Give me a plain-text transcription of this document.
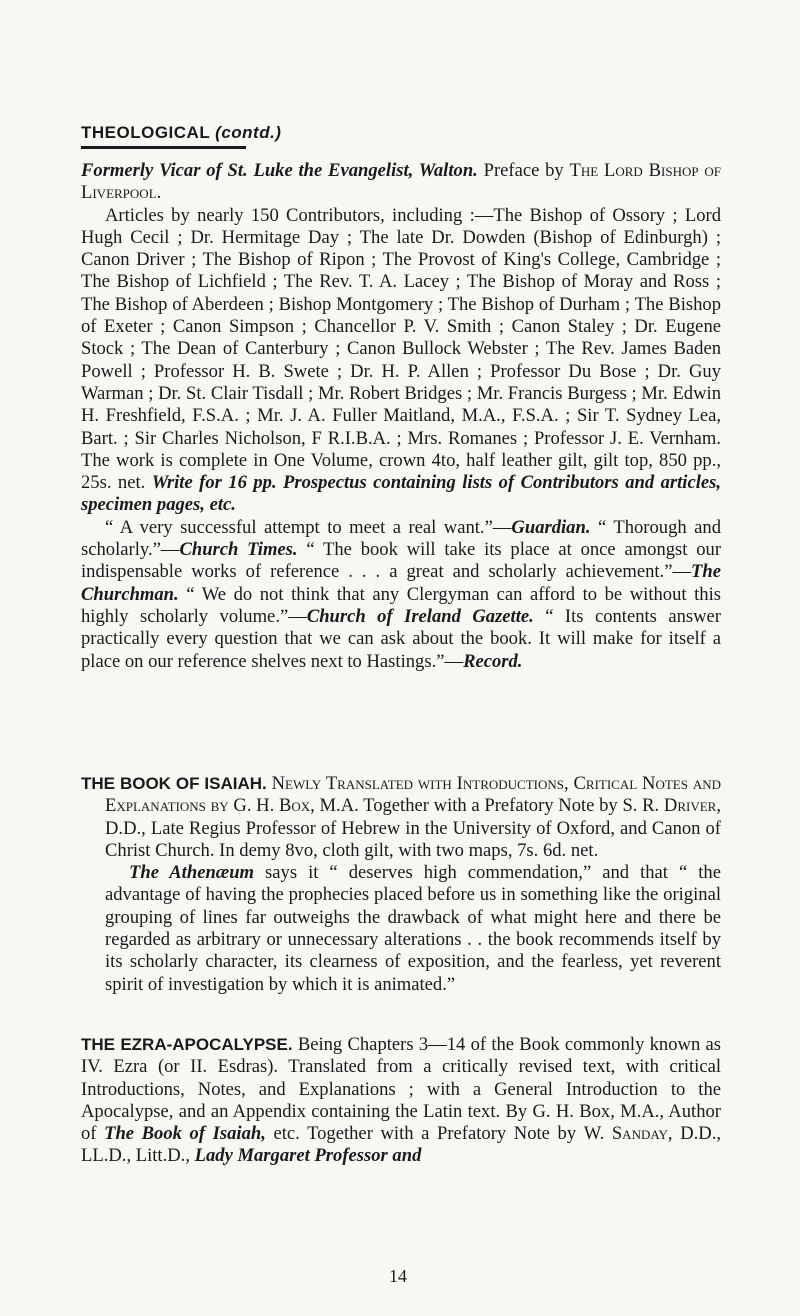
THEOLOGICAL (contd.)

Formerly Vicar of St. Luke the Evangelist, Walton. Preface by The Lord Bishop of Liverpool.

Articles by nearly 150 Contributors, including :—The Bishop of Ossory ; Lord Hugh Cecil ; Dr. Hermitage Day ; The late Dr. Dowden (Bishop of Edinburgh) ; Canon Driver ; The Bishop of Ripon ; The Provost of King's College, Cambridge ; The Bishop of Lichfield ; The Rev. T. A. Lacey ; The Bishop of Moray and Ross ; The Bishop of Aberdeen ; Bishop Montgomery ; The Bishop of Durham ; The Bishop of Exeter ; Canon Simpson ; Chancellor P. V. Smith ; Canon Staley ; Dr. Eugene Stock ; The Dean of Canterbury ; Canon Bullock Webster ; The Rev. James Baden Powell ; Professor H. B. Swete ; Dr. H. P. Allen ; Professor Du Bose ; Dr. Guy Warman ; Dr. St. Clair Tisdall ; Mr. Robert Bridges ; Mr. Francis Burgess ; Mr. Edwin H. Freshfield, F.S.A. ; Mr. J. A. Fuller Maitland, M.A., F.S.A. ; Sir T. Sydney Lea, Bart. ; Sir Charles Nicholson, F R.I.B.A. ; Mrs. Romanes ; Professor J. E. Vernham. The work is complete in One Volume, crown 4to, half leather gilt, gilt top, 850 pp., 25s. net. Write for 16 pp. Prospectus containing lists of Contributors and articles, specimen pages, etc.

“ A very successful attempt to meet a real want.”—Guardian. “ Thorough and scholarly.”—Church Times. “ The book will take its place at once amongst our indispensable works of reference . . . a great and scholarly achievement.”—The Churchman. “ We do not think that any Clergyman can afford to be without this highly scholarly volume.”—Church of Ireland Gazette. “ Its contents answer practically every question that we can ask about the book. It will make for itself a place on our reference shelves next to Hastings.”—Record.

THE BOOK OF ISAIAH. Newly Translated with Introductions, Critical Notes and Explanations by G. H. Box, M.A. Together with a Prefatory Note by S. R. Driver, D.D., Late Regius Professor of Hebrew in the University of Oxford, and Canon of Christ Church. In demy 8vo, cloth gilt, with two maps, 7s. 6d. net.

The Athenæum says it “ deserves high commendation,” and that “ the advantage of having the prophecies placed before us in something like the original grouping of lines far outweighs the drawback of what might here and there be regarded as arbitrary or unnecessary alterations . . the book recommends itself by its scholarly character, its clearness of exposition, and the fearless, yet reverent spirit of investigation by which it is animated.”

THE EZRA-APOCALYPSE. Being Chapters 3—14 of the Book commonly known as IV. Ezra (or II. Esdras). Translated from a critically revised text, with critical Introductions, Notes, and Explanations ; with a General Introduction to the Apocalypse, and an Appendix containing the Latin text. By G. H. Box, M.A., Author of The Book of Isaiah, etc. Together with a Prefatory Note by W. Sanday, D.D., LL.D., Litt.D., Lady Margaret Professor and

14
